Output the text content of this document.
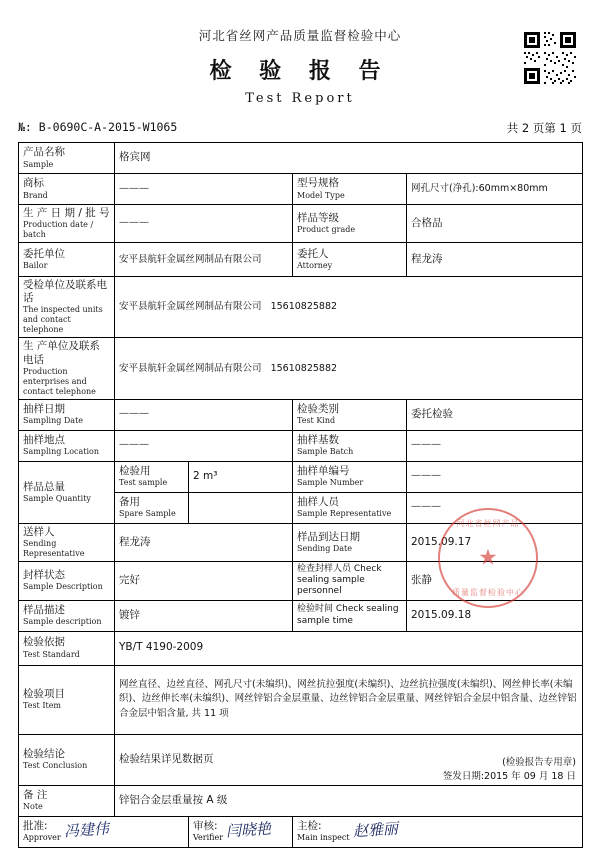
河北省丝网产品质量监督检验中心
检 验 报 告
Test Report
№: B-0690C-A-2015-W1065	共 2 页第 1 页
产品名称
Sample	格宾网			

商标
Brand	———		型号规格
Model Type	网孔尺寸(净孔):60mm×80mm

生 产 日 期 / 批 号
Production date / batch	———		样品等级
Product grade	合格品

委托单位
Bailor	安平县航轩金属丝网制品有限公司		委托人
Attorney	程龙涛

受检单位及联系电话
The inspected units and contact telephone	安平县航轩金属丝网制品有限公司 15610825882			

生 产单位及联系电话
Production enterprises and contact telephone	安平县航轩金属丝网制品有限公司 15610825882			

抽样日期
Sampling Date	———		检验类别
Test Kind	委托检验

抽样地点
Sampling Location	———		抽样基数
Sample Batch	———

样品总量
Sample Quantity	检验用
Test sample	2 m³	抽样单编号
Sample Number	———

	备用
Spare Sample		抽样人员
Sample Representative	———

送样人
Sending Representative	程龙涛		样品到达日期
Sending Date	2015.09.17

封样状态
Sample Description	完好		检查封样人员 Check sealing sample personnel	张静

样品描述
Sample description	镀锌		检验时间 Check sealing sample time	2015.09.18

检验依据
Test Standard	YB/T 4190-2009			

检验项目
Test Item	网丝直径、边丝直径、网孔尺寸(未编织)、网丝抗拉强度(未编织)、边丝抗拉强度(未编织)、网丝伸长率(未编织)、边丝伸长率(未编织)、网丝锌铝合金层重量、边丝锌铝合金层重量、网丝锌铝合金层中铝含量、边丝锌铝合金层中铝含量, 共 11 项			

检验结论
Test Conclusion

检验结果详见数据页	(检验报告专用章)
签发日期:2015 年 09 月 18 日

备 注
Note	锌铝合金层重量按 A 级			
批准:
Approver 冯建伟		审核:
Verifier 闫晓艳	主检:
Main inspect 赵雅丽	
河北省丝网产品
★
质量监督检验中心
